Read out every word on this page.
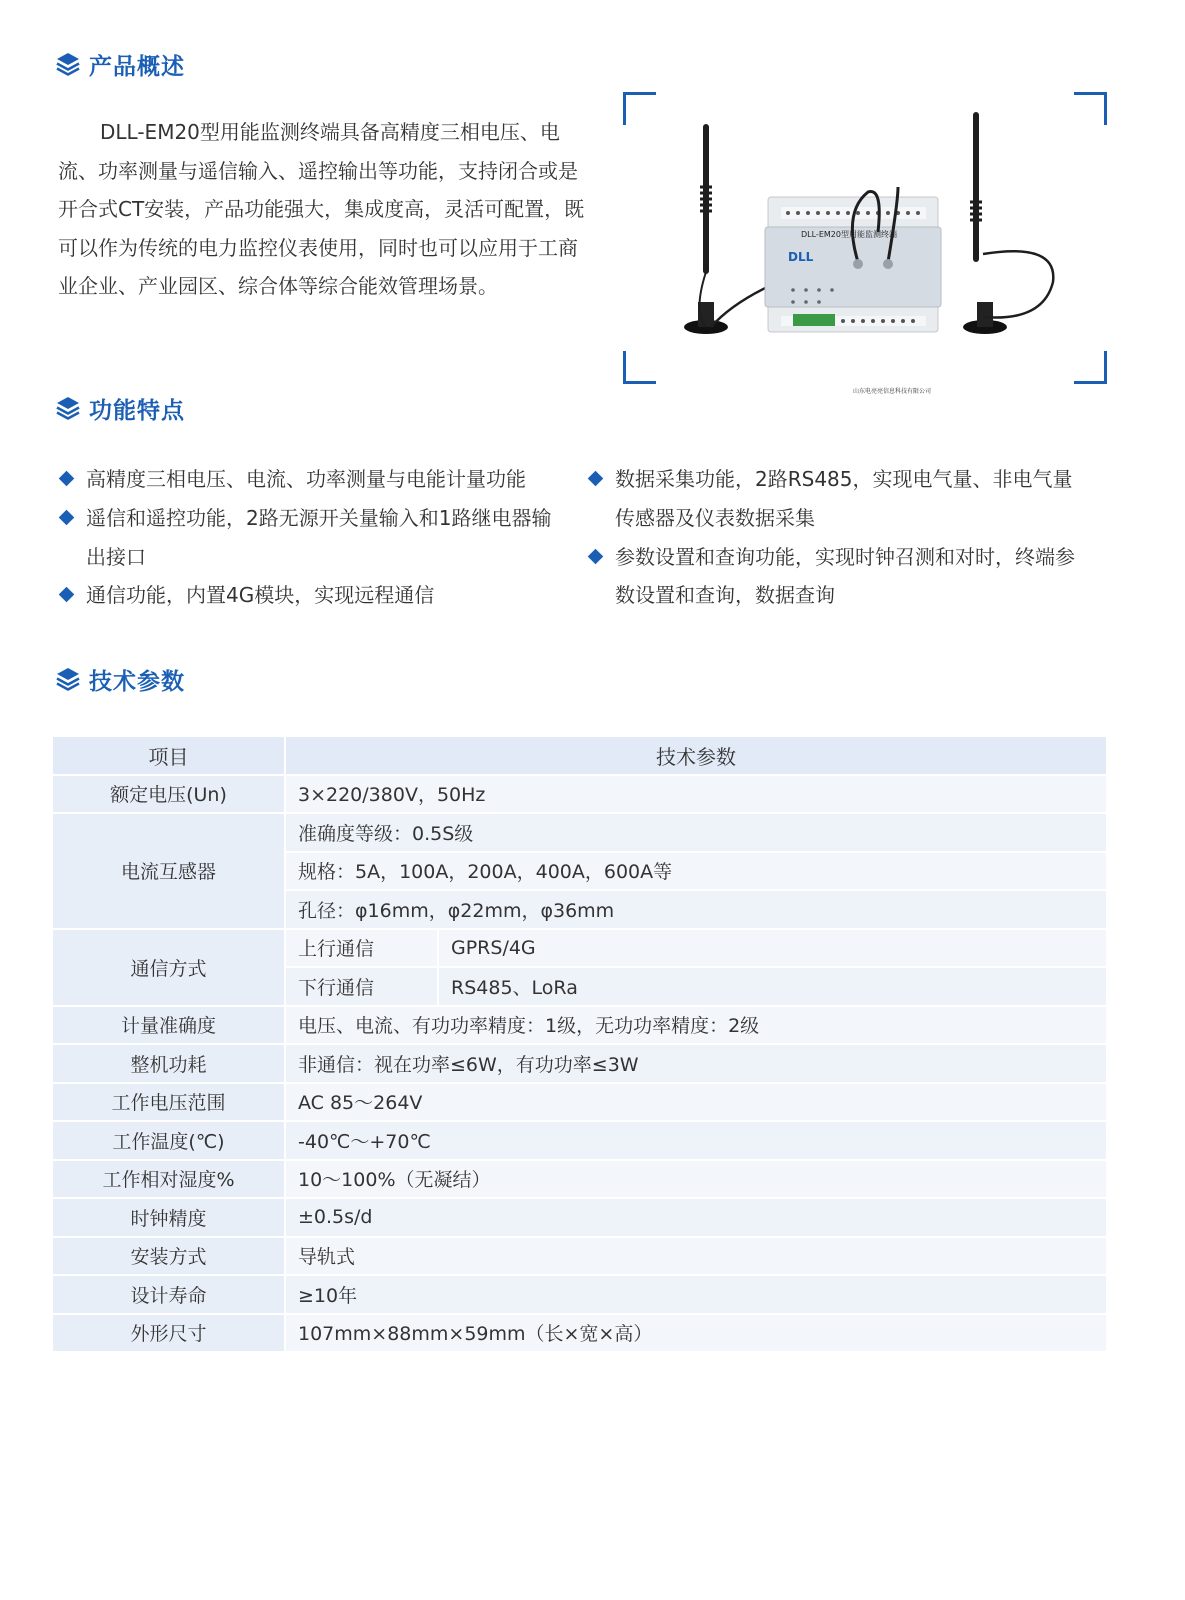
产品概述

DLL-EM20型用能监测终端具备高精度三相电压、电流、功率测量与遥信输入、遥控输出等功能，支持闭合或是开合式CT安装，产品功能强大，集成度高，灵活可配置，既可以作为传统的电力监控仪表使用，同时也可以应用于工商业企业、产业园区、综合体等综合能效管理场景。

DLL-EM20型用能监测终端
DLL
山东电亮亮信息科技有限公司
功能特点
高精度三相电压、电流、功率测量与电能计量功能
遥信和遥控功能，2路无源开关量输入和1路继电器输出接口
通信功能，内置4G模块，实现远程通信
数据采集功能，2路RS485，实现电气量、非电气量传感器及仪表数据采集
参数设置和查询功能，实现时钟召测和对时，终端参数设置和查询，数据查询
技术参数
项目	技术参数	
额定电压(Un)	3×220/380V，50Hz	
电流互感器	准确度等级：0.5S级	
	规格：5A，100A，200A，400A，600A等	
	孔径：φ16mm，φ22mm，φ36mm	
通信方式	上行通信	GPRS/4G
	下行通信	RS485、LoRa
计量准确度	电压、电流、有功功率精度：1级，无功功率精度：2级	
整机功耗	非通信：视在功率≤6W，有功功率≤3W	
工作电压范围	AC 85～264V	
工作温度(℃)	-40℃～+70℃	
工作相对湿度%	10～100%（无凝结）	
时钟精度	±0.5s/d	
安装方式	导轨式	
设计寿命	≥10年	
外形尺寸	107mm×88mm×59mm（长×宽×高）	
